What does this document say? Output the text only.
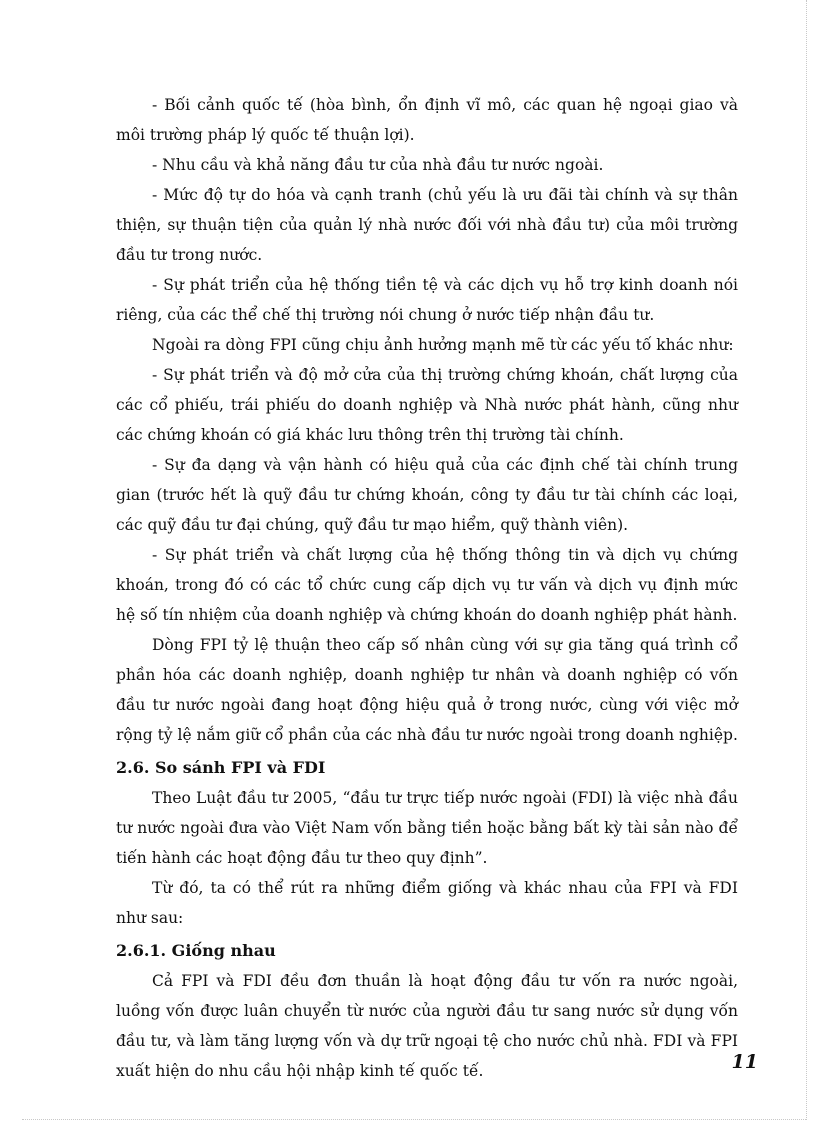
- Bối cảnh quốc tế (hòa bình, ổn định vĩ mô, các quan hệ ngoại giao và môi trường pháp lý quốc tế thuận lợi).

- Nhu cầu và khả năng đầu tư của nhà đầu tư nước ngoài.

- Mức độ tự do hóa và cạnh tranh (chủ yếu là ưu đãi tài chính và sự thân thiện, sự thuận tiện của quản lý nhà nước đối với nhà đầu tư) của môi trường đầu tư trong nước.

- Sự phát triển của hệ thống tiền tệ và các dịch vụ hỗ trợ kinh doanh nói riêng, của các thể chế thị trường nói chung ở nước tiếp nhận đầu tư.

Ngoài ra dòng FPI cũng chịu ảnh hưởng mạnh mẽ từ các yếu tố khác như:

- Sự phát triển và độ mở cửa của thị trường chứng khoán, chất lượng của các cổ phiếu, trái phiếu do doanh nghiệp và Nhà nước phát hành, cũng như các chứng khoán có giá khác lưu thông trên thị trường tài chính.

- Sự đa dạng và vận hành có hiệu quả của các định chế tài chính trung gian (trước hết là quỹ đầu tư chứng khoán, công ty đầu tư tài chính các loại, các quỹ đầu tư đại chúng, quỹ đầu tư mạo hiểm, quỹ thành viên).

- Sự phát triển và chất lượng của hệ thống thông tin và dịch vụ chứng khoán, trong đó có các tổ chức cung cấp dịch vụ tư vấn và dịch vụ định mức hệ số tín nhiệm của doanh nghiệp và chứng khoán do doanh nghiệp phát hành.

Dòng FPI tỷ lệ thuận theo cấp số nhân cùng với sự gia tăng quá trình cổ phần hóa các doanh nghiệp, doanh nghiệp tư nhân và doanh nghiệp có vốn đầu tư nước ngoài đang hoạt động hiệu quả ở trong nước, cùng với việc mở rộng tỷ lệ nắm giữ cổ phần của các nhà đầu tư nước ngoài trong doanh nghiệp.

2.6. So sánh FPI và FDI

Theo Luật đầu tư 2005, “đầu tư trực tiếp nước ngoài (FDI) là việc nhà đầu tư nước ngoài đưa vào Việt Nam vốn bằng tiền hoặc bằng bất kỳ tài sản nào để tiến hành các hoạt động đầu tư theo quy định”.

Từ đó, ta có thể rút ra những điểm giống và khác nhau của FPI và FDI như sau:

2.6.1. Giống nhau

Cả FPI và FDI đều đơn thuần là hoạt động đầu tư vốn ra nước ngoài, luồng vốn được luân chuyển từ nước của người đầu tư sang nước sử dụng vốn đầu tư, và làm tăng lượng vốn và dự trữ ngoại tệ cho nước chủ nhà. FDI và FPI xuất hiện do nhu cầu hội nhập kinh tế quốc tế.	11
